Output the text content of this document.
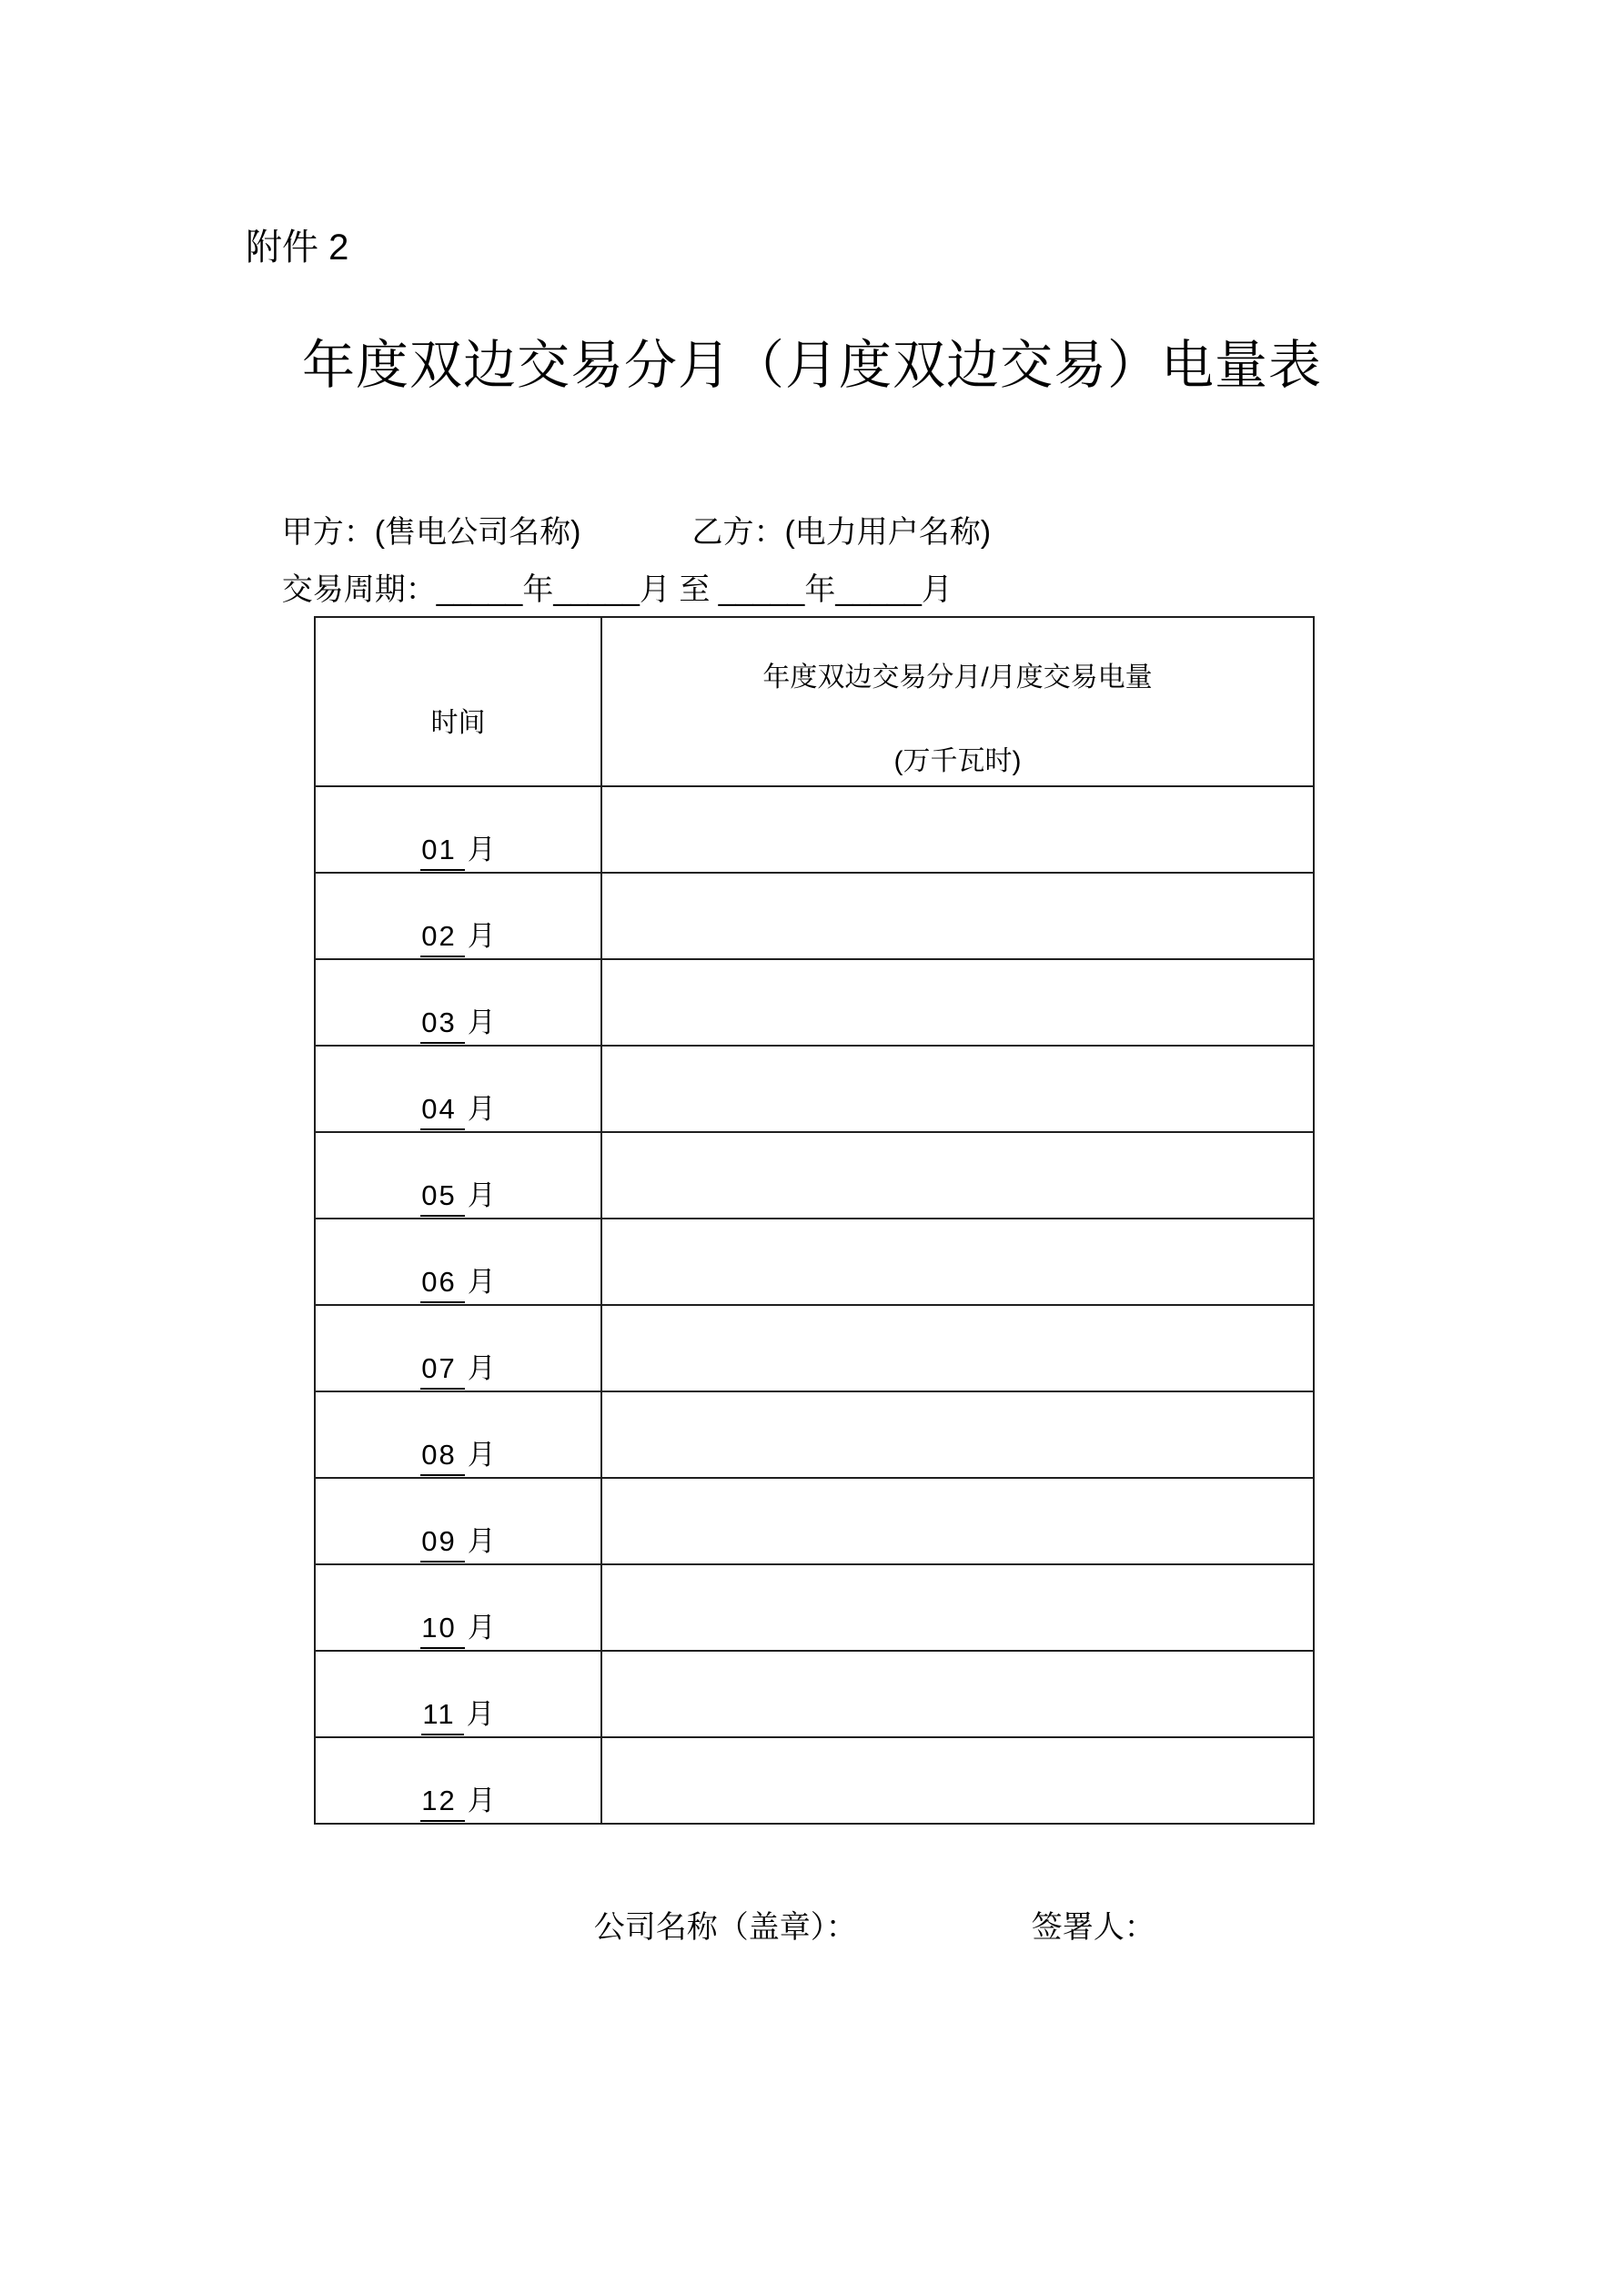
附件 2
年度双边交易分月（月度双边交易）电量表

甲方：(售电公司名称)	乙方：(电力用户名称)

交易周期：_____年_____月 至 _____年_____月

时间	年度双边交易分月/月度交易电量
(万千瓦时)

01 月	
02 月	
03 月	
04 月	
05 月	
06 月	
07 月	
08 月	
09 月	
10 月	
11 月	
12 月	

公司名称（盖章）：	签署人：
